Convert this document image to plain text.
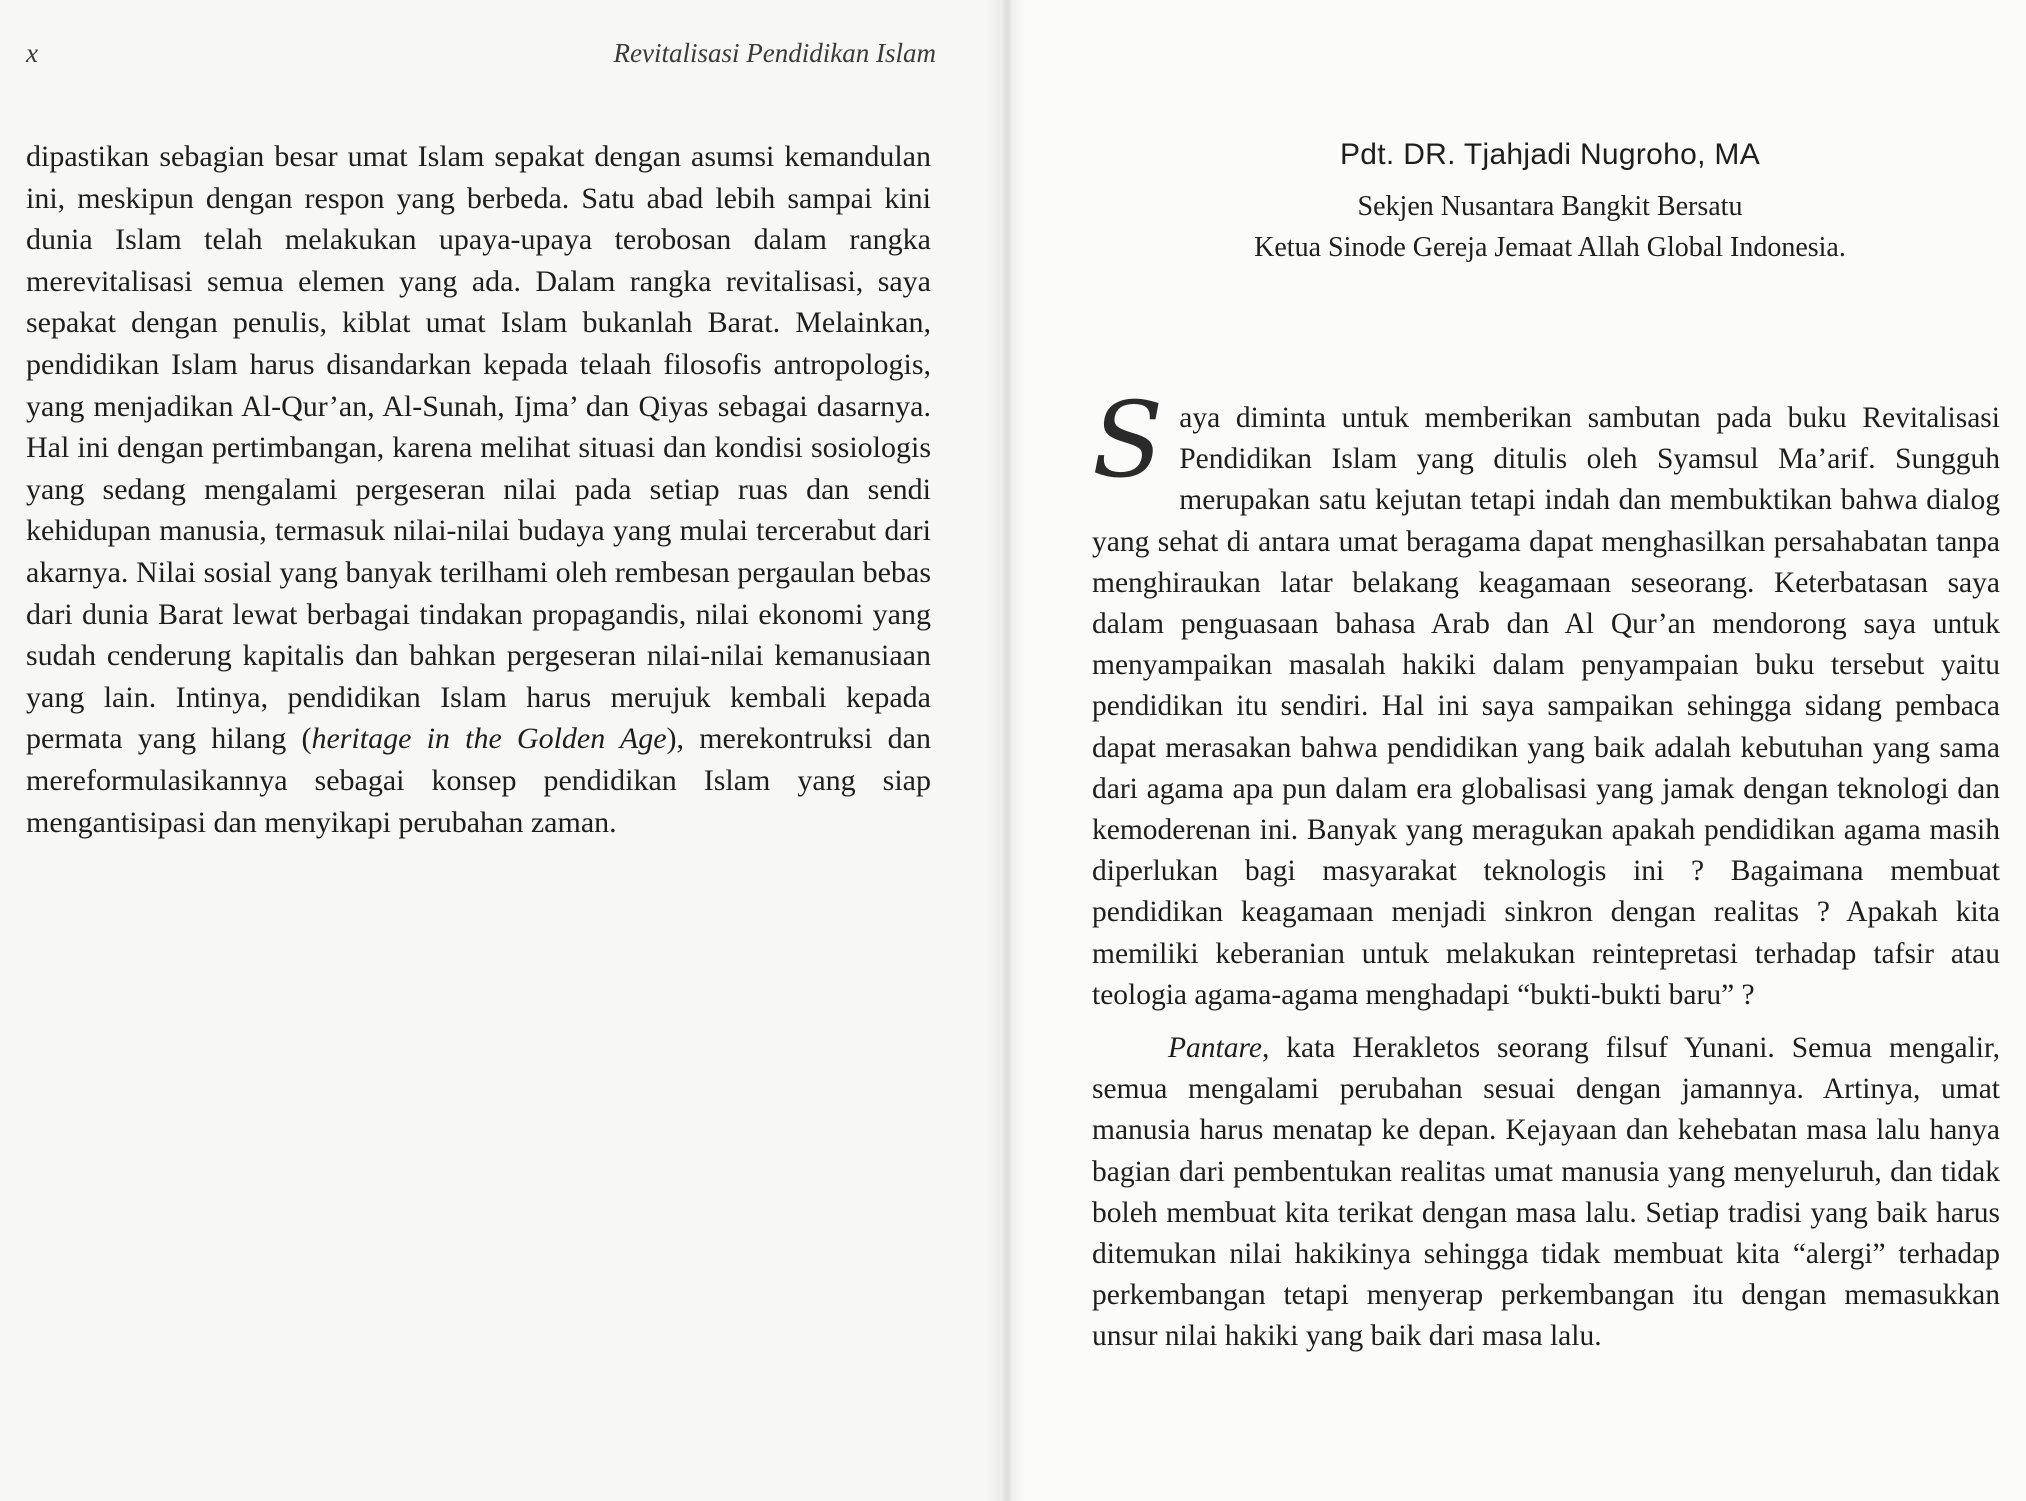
x	Revitalisasi Pendidikan Islam

dipastikan sebagian besar umat Islam sepakat dengan asumsi kemandulan ini, meskipun dengan respon yang berbeda. Satu abad lebih sampai kini dunia Islam telah melakukan upaya-upaya terobosan dalam rangka merevitalisasi semua elemen yang ada. Dalam rangka revitalisasi, saya sepakat dengan penulis, kiblat umat Islam bukanlah Barat. Melainkan, pendidikan Islam harus disandarkan kepada telaah filosofis antropologis, yang menjadikan Al-Qur’an, Al-Sunah, Ijma’ dan Qiyas sebagai dasarnya. Hal ini dengan pertimbangan, karena melihat situasi dan kondisi sosiologis yang sedang mengalami pergeseran nilai pada setiap ruas dan sendi kehidupan manusia, termasuk nilai-nilai budaya yang mulai tercerabut dari akarnya. Nilai sosial yang banyak terilhami oleh rembesan pergaulan bebas dari dunia Barat lewat berbagai tindakan propagandis, nilai ekonomi yang sudah cenderung kapitalis dan bahkan pergeseran nilai-nilai kemanusiaan yang lain. Intinya, pendidikan Islam harus merujuk kembali kepada permata yang hilang (heritage in the Golden Age), merekontruksi dan mereformulasikannya sebagai konsep pendidikan Islam yang siap mengantisipasi dan menyikapi perubahan zaman.

Pdt. DR. Tjahjadi Nugroho, MA

Sekjen Nusantara Bangkit Bersatu

Ketua Sinode Gereja Jemaat Allah Global Indonesia.

Saya diminta untuk memberikan sambutan pada buku Revitalisasi Pendidikan Islam yang ditulis oleh Syamsul Ma’arif. Sungguh merupakan satu kejutan tetapi indah dan membuktikan bahwa dialog yang sehat di antara umat beragama dapat menghasilkan persahabatan tanpa menghiraukan latar belakang keagamaan seseorang. Keterbatasan saya dalam penguasaan bahasa Arab dan Al Qur’an mendorong saya untuk menyampaikan masalah hakiki dalam penyampaian buku tersebut yaitu pendidikan itu sendiri. Hal ini saya sampaikan sehingga sidang pembaca dapat merasakan bahwa pendidikan yang baik adalah kebutuhan yang sama dari agama apa pun dalam era globalisasi yang jamak dengan teknologi dan kemoderenan ini. Banyak yang meragukan apakah pendidikan agama masih diperlukan bagi masyarakat teknologis ini ? Bagaimana membuat pendidikan keagamaan menjadi sinkron dengan realitas ? Apakah kita memiliki keberanian untuk melakukan reintepretasi terhadap tafsir atau teologia agama-agama menghadapi “bukti-bukti baru” ?

Pantare, kata Herakletos seorang filsuf Yunani. Semua mengalir, semua mengalami perubahan sesuai dengan jamannya. Artinya, umat manusia harus menatap ke depan. Kejayaan dan kehebatan masa lalu hanya bagian dari pembentukan realitas umat manusia yang menyeluruh, dan tidak boleh membuat kita terikat dengan masa lalu. Setiap tradisi yang baik harus ditemukan nilai hakikinya sehingga tidak membuat kita “alergi” terhadap perkembangan tetapi menyerap perkembangan itu dengan memasukkan unsur nilai hakiki yang baik dari masa lalu.
